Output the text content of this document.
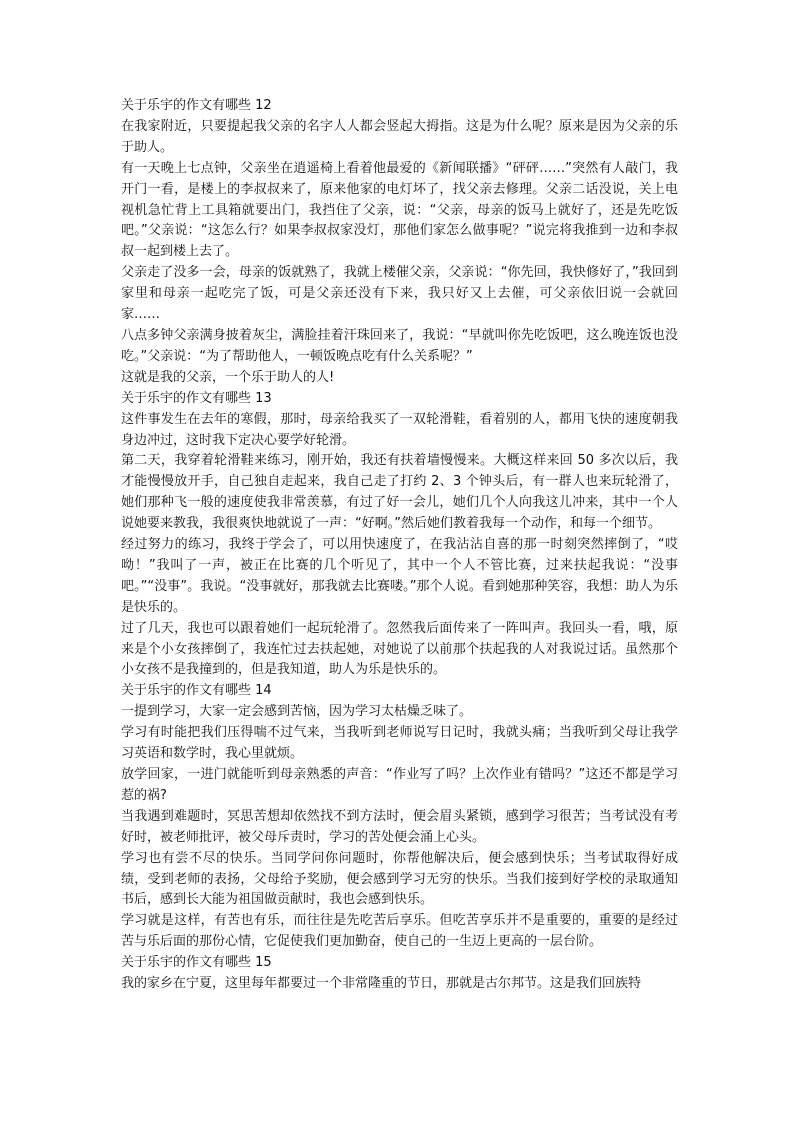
关于乐宇的作文有哪些 12

在我家附近，只要提起我父亲的名字人人都会竖起大拇指。这是为什么呢？原来是因为父亲的乐于助人。

有一天晚上七点钟，父亲坐在逍遥椅上看着他最爱的《新闻联播》“砰砰……”突然有人敲门，我开门一看，是楼上的李叔叔来了，原来他家的电灯坏了，找父亲去修理。父亲二话没说，关上电视机急忙背上工具箱就要出门，我挡住了父亲，说：“父亲，母亲的饭马上就好了，还是先吃饭吧。”父亲说：“这怎么行？如果李叔叔家没灯，那他们家怎么做事呢？”说完将我推到一边和李叔叔一起到楼上去了。

父亲走了没多一会，母亲的饭就熟了，我就上楼催父亲，父亲说：“你先回，我快修好了，”我回到家里和母亲一起吃完了饭，可是父亲还没有下来，我只好又上去催，可父亲依旧说一会就回家……

八点多钟父亲满身披着灰尘，满脸挂着汗珠回来了，我说：“早就叫你先吃饭吧，这么晚连饭也没吃。”父亲说：“为了帮助他人，一顿饭晚点吃有什么关系呢？”

这就是我的父亲，一个乐于助人的人!

关于乐宇的作文有哪些 13

这件事发生在去年的寒假，那时，母亲给我买了一双轮滑鞋，看着别的人，都用飞快的速度朝我身边冲过，这时我下定决心要学好轮滑。

第二天，我穿着轮滑鞋来练习，刚开始，我还有扶着墙慢慢来。大概这样来回 50 多次以后，我才能慢慢放开手，自己独自走起来，我自己走了打约 2、3 个钟头后，有一群人也来玩轮滑了，她们那种飞一般的速度使我非常羡慕，有过了好一会儿，她们几个人向我这儿冲来，其中一个人说她要来教我，我很爽快地就说了一声：“好啊。”然后她们教着我每一个动作，和每一个细节。

经过努力的练习，我终于学会了，可以用快速度了，在我沾沾自喜的那一时刻突然摔倒了，“哎呦！”我叫了一声，被正在比赛的几个听见了，其中一个人不管比赛，过来扶起我说：“没事吧。”“没事”。我说。“没事就好，那我就去比赛喽。”那个人说。看到她那种笑容，我想：助人为乐是快乐的。

过了几天，我也可以跟着她们一起玩轮滑了。忽然我后面传来了一阵叫声。我回头一看，哦，原来是个小女孩摔倒了，我连忙过去扶起她，对她说了以前那个扶起我的人对我说过话。虽然那个小女孩不是我撞到的，但是我知道，助人为乐是快乐的。

关于乐宇的作文有哪些 14

一提到学习，大家一定会感到苦恼，因为学习太枯燥乏味了。

学习有时能把我们压得喘不过气来，当我听到老师说写日记时，我就头痛；当我听到父母让我学习英语和数学时，我心里就烦。

放学回家，一进门就能听到母亲熟悉的声音：“作业写了吗？上次作业有错吗？”这还不都是学习惹的祸?

当我遇到难题时，冥思苦想却依然找不到方法时，便会眉头紧锁，感到学习很苦；当考试没有考好时，被老师批评，被父母斥责时，学习的苦处便会涌上心头。

学习也有尝不尽的快乐。当同学问你问题时，你帮他解决后，便会感到快乐；当考试取得好成绩，受到老师的表扬，父母给予奖励，便会感到学习无穷的快乐。当我们接到好学校的录取通知书后，感到长大能为祖国做贡献时，我也会感到快乐。

学习就是这样，有苦也有乐，而往往是先吃苦后享乐。但吃苦享乐并不是重要的，重要的是经过苦与乐后面的那份心情，它促使我们更加勤奋，使自己的一生迈上更高的一层台阶。

关于乐宇的作文有哪些 15

我的家乡在宁夏，这里每年都要过一个非常隆重的节日，那就是古尔邦节。这是我们回族特
